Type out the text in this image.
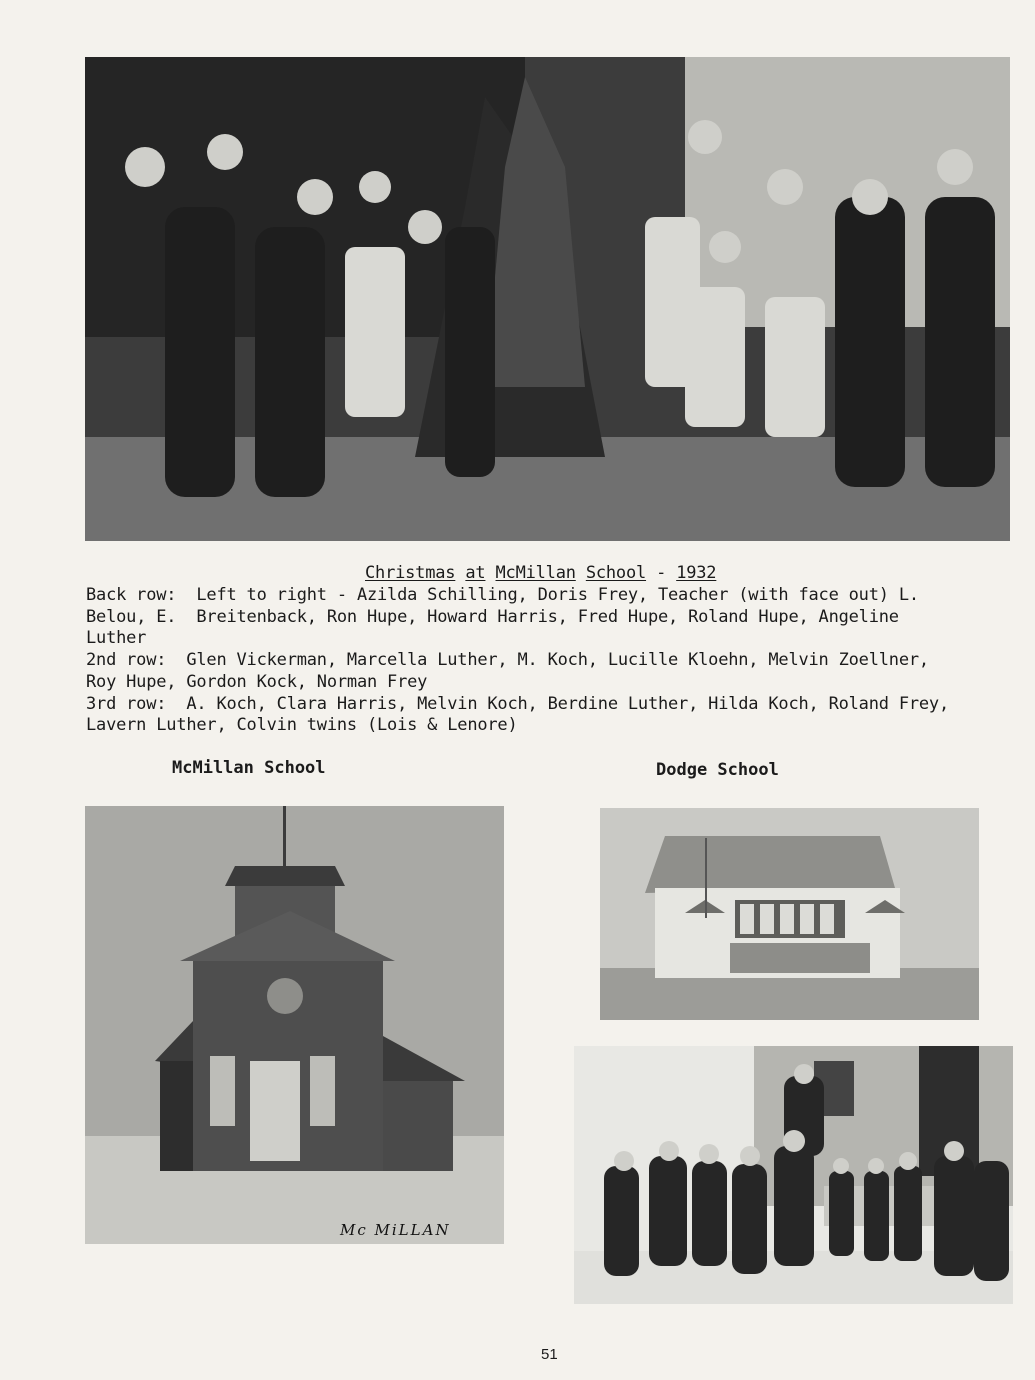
Christmas at McMillan School - 1932
Back row:  Left to right - Azilda Schilling, Doris Frey, Teacher (with face out) L.
Belou, E.  Breitenback, Ron Hupe, Howard Harris, Fred Hupe, Roland Hupe, Angeline
Luther
2nd row:  Glen Vickerman, Marcella Luther, M. Koch, Lucille Kloehn, Melvin Zoellner,
Roy Hupe, Gordon Kock, Norman Frey
3rd row:  A. Koch, Clara Harris, Melvin Koch, Berdine Luther, Hilda Koch, Roland Frey,
Lavern Luther, Colvin twins (Lois & Lenore)
McMillan School	Dodge School
Mc MiLLAN
51
